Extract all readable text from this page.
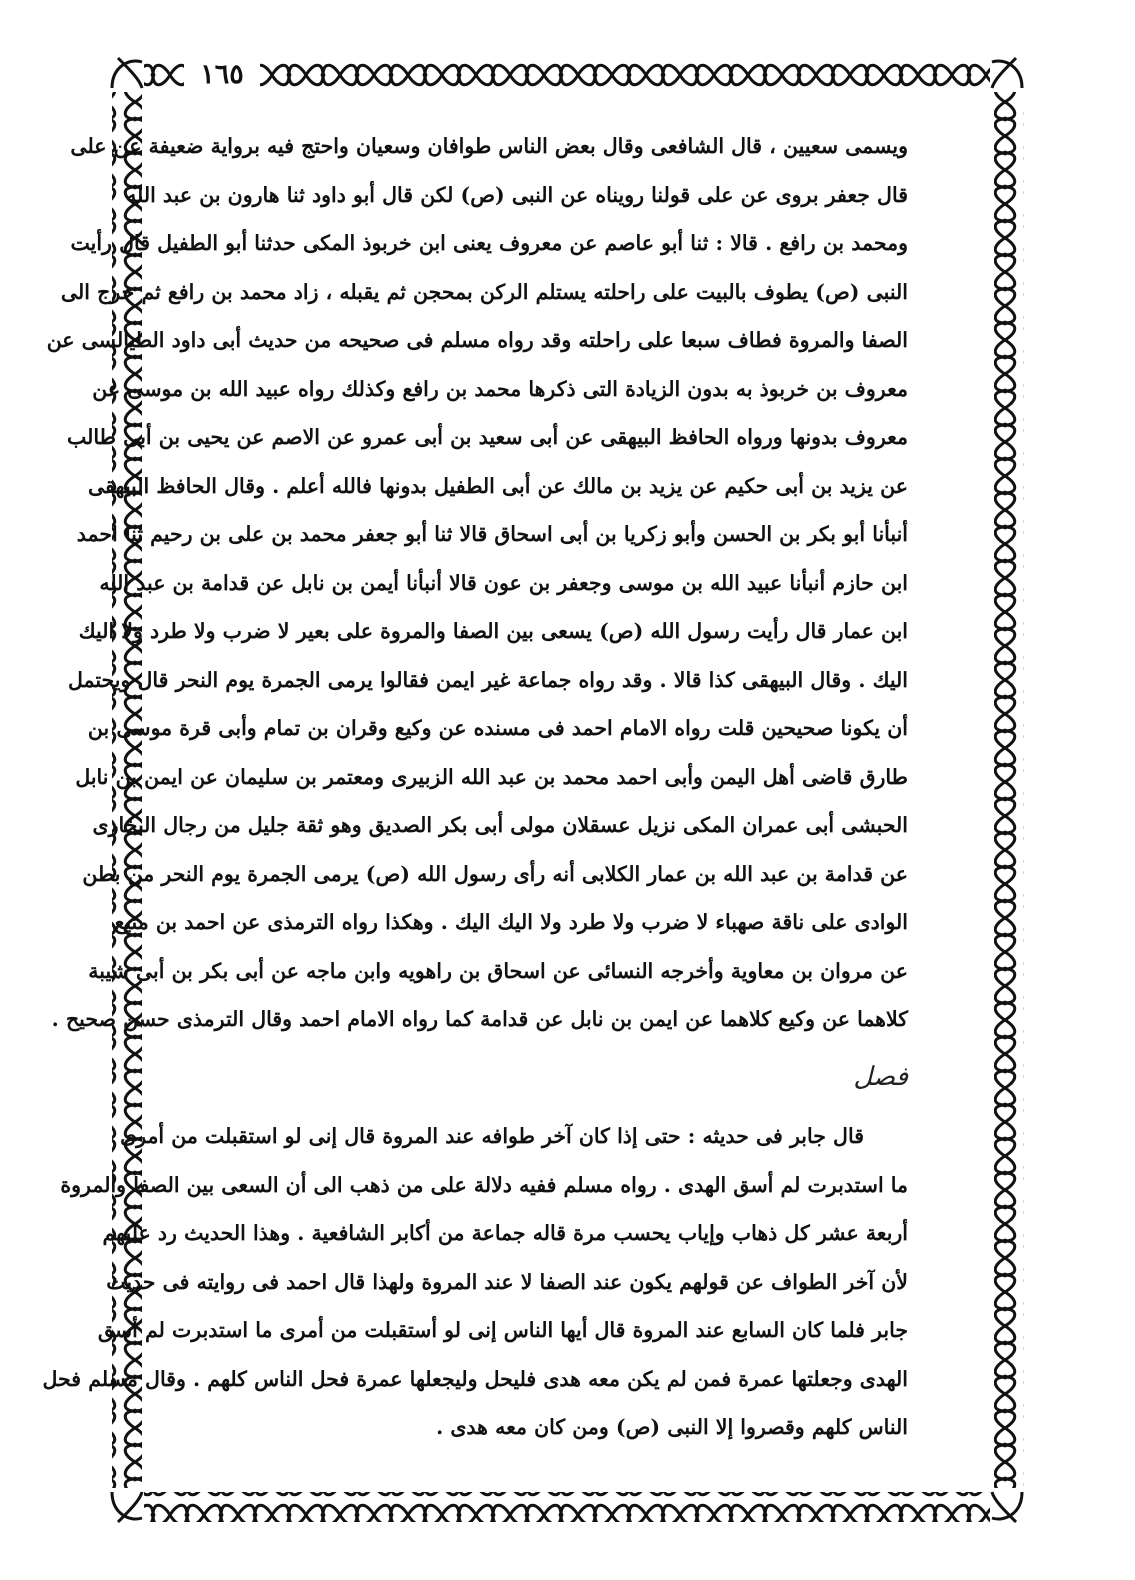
١٦٥
ويسمى سعيين ، قال الشافعى وقال بعض الناس طوافان وسعيان واحتج فيه برواية ضعيفة عن على
قال جعفر بروى عن على قولنا رويناه عن النبى (ص) لكن قال أبو داود ثنا هارون بن عبد الله
ومحمد بن رافع . قالا : ثنا أبو عاصم عن معروف يعنى ابن خربوذ المكى حدثنا أبو الطفيل قال رأيت
النبى (ص) يطوف بالبيت على راحلته يستلم الركن بمحجن ثم يقبله ، زاد محمد بن رافع ثم خرج الى
الصفا والمروة فطاف سبعا على راحلته وقد رواه مسلم فى صحيحه من حديث أبى داود الطيالسى عن
معروف بن خربوذ به بدون الزيادة التى ذكرها محمد بن رافع وكذلك رواه عبيد الله بن موسى عن
معروف بدونها ورواه الحافظ البيهقى عن أبى سعيد بن أبى عمرو عن الاصم عن يحيى بن أبى طالب
عن يزيد بن أبى حكيم عن يزيد بن مالك عن أبى الطفيل بدونها فالله أعلم . وقال الحافظ البيهقى
أنبأنا أبو بكر بن الحسن وأبو زكريا بن أبى اسحاق قالا ثنا أبو جعفر محمد بن على بن رحيم ثنا احمد
ابن حازم أنبأنا عبيد الله بن موسى وجعفر بن عون قالا أنبأنا أيمن بن نابل عن قدامة بن عبد الله
ابن عمار قال رأيت رسول الله (ص) يسعى بين الصفا والمروة على بعير لا ضرب ولا طرد ولا اليك
اليك . وقال البيهقى كذا قالا . وقد رواه جماعة غير ايمن فقالوا يرمى الجمرة يوم النحر قال ويحتمل
أن يكونا صحيحين قلت رواه الامام احمد فى مسنده عن وكيع وقران بن تمام وأبى قرة موسى بن
طارق قاضى أهل اليمن وأبى احمد محمد بن عبد الله الزبيرى ومعتمر بن سليمان عن ايمن بن نابل
الحبشى أبى عمران المكى نزيل عسقلان مولى أبى بكر الصديق وهو ثقة جليل من رجال البخارى
عن قدامة بن عبد الله بن عمار الكلابى أنه رأى رسول الله (ص) يرمى الجمرة يوم النحر من بطن
الوادى على ناقة صهباء لا ضرب ولا طرد ولا اليك اليك . وهكذا رواه الترمذى عن احمد بن منيع
عن مروان بن معاوية وأخرجه النسائى عن اسحاق بن راهويه وابن ماجه عن أبى بكر بن أبى شيبة
كلاهما عن وكيع كلاهما عن ايمن بن نابل عن قدامة كما رواه الامام احمد وقال الترمذى حسن صحيح .
فصل
قال جابر فى حديثه : حتى إذا كان آخر طوافه عند المروة قال إنى لو استقبلت من أمرى
ما استدبرت لم أسق الهدى . رواه مسلم ففيه دلالة على من ذهب الى أن السعى بين الصفا والمروة
أربعة عشر كل ذهاب وإياب يحسب مرة قاله جماعة من أكابر الشافعية . وهذا الحديث رد عليهم
لأن آخر الطواف عن قولهم يكون عند الصفا لا عند المروة ولهذا قال احمد فى روايته فى حديث
جابر فلما كان السابع عند المروة قال أيها الناس إنى لو أستقبلت من أمرى ما استدبرت لم أسق
الهدى وجعلتها عمرة فمن لم يكن معه هدى فليحل وليجعلها عمرة فحل الناس كلهم . وقال مسلم فحل
الناس كلهم وقصروا إلا النبى (ص) ومن كان معه هدى .
